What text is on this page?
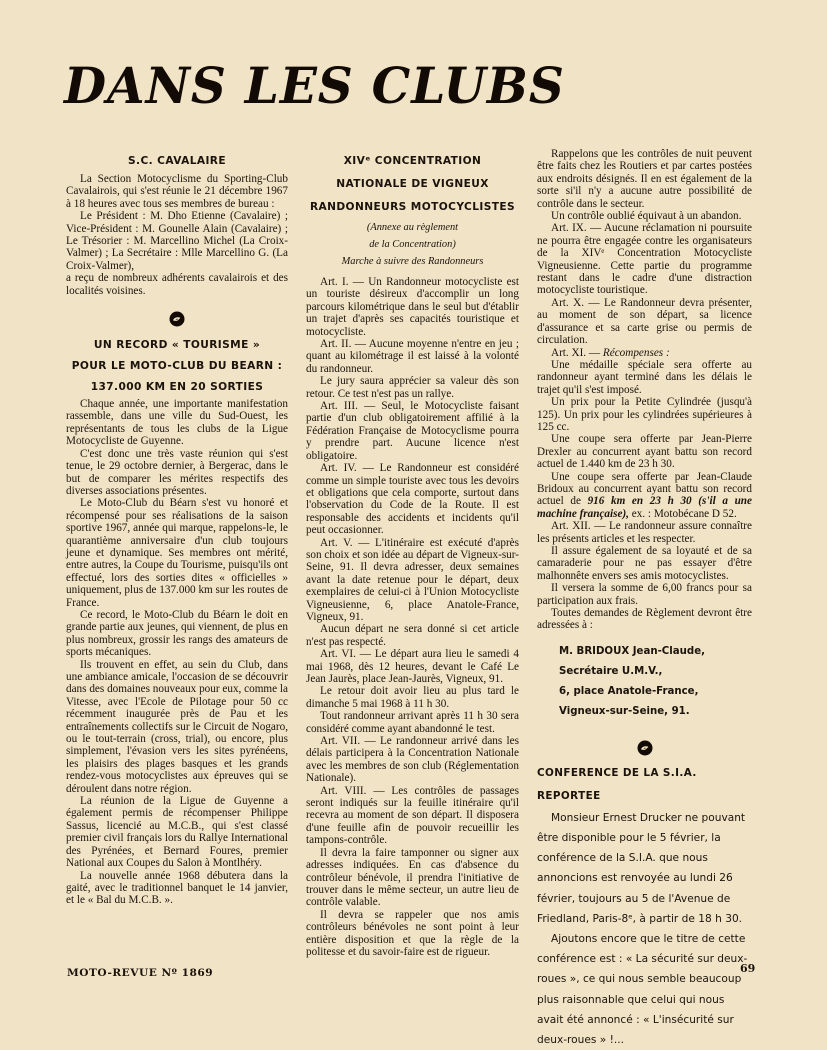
DANS LES CLUBS
S.C. CAVALAIRE

La Section Motocyclisme du Sporting-Club Cavalairois, qui s'est réunie le 21 décembre 1967 à 18 heures avec tous ses membres de bureau :

Le Président : M. Dho Etienne (Cavalaire) ; Vice-Président : M. Gounelle Alain (Cavalaire) ; Le Trésorier : M. Marcellino Michel (La Croix-Valmer) ; La Secrétaire : Mlle Marcellino G. (La Croix-Valmer),

a reçu de nombreux adhérents cavalairois et des localités voisines.

UN RECORD « TOURISME »
POUR LE MOTO-CLUB DU BEARN :
137.000 KM EN 20 SORTIES

Chaque année, une importante manifestation rassemble, dans une ville du Sud-Ouest, les représentants de tous les clubs de la Ligue Motocycliste de Guyenne.

C'est donc une très vaste réunion qui s'est tenue, le 29 octobre dernier, à Bergerac, dans le but de comparer les mérites respectifs des diverses associations présentes.

Le Moto-Club du Béarn s'est vu honoré et récompensé pour ses réalisations de la saison sportive 1967, année qui marque, rappelons-le, le quarantième anniversaire d'un club toujours jeune et dynamique. Ses membres ont mérité, entre autres, la Coupe du Tourisme, puisqu'ils ont effectué, lors des sorties dites « officielles » uniquement, plus de 137.000 km sur les routes de France.

Ce record, le Moto-Club du Béarn le doit en grande partie aux jeunes, qui viennent, de plus en plus nombreux, grossir les rangs des amateurs de sports mécaniques.

Ils trouvent en effet, au sein du Club, dans une ambiance amicale, l'occasion de se découvrir dans des domaines nouveaux pour eux, comme la Vitesse, avec l'Ecole de Pilotage pour 50 cc récemment inaugurée près de Pau et les entraînements collectifs sur le Circuit de Nogaro, ou le tout-terrain (cross, trial), ou encore, plus simplement, l'évasion vers les sites pyrénéens, les plaisirs des plages basques et les grands rendez-vous motocyclistes aux épreuves qui se déroulent dans notre région.

La réunion de la Ligue de Guyenne a également permis de récompenser Philippe Sassus, licencié au M.C.B., qui s'est classé premier civil français lors du Rallye International des Pyrénées, et Bernard Foures, premier National aux Coupes du Salon à Montlhéry.

La nouvelle année 1968 débutera dans la gaité, avec le traditionnel banquet le 14 janvier, et le « Bal du M.C.B. ».

XIVᵉ CONCENTRATION
NATIONALE DE VIGNEUX
RANDONNEURS MOTOCYCLISTES

(Annexe au règlement

de la Concentration)

Marche à suivre des Randonneurs

Art. I. — Un Randonneur motocycliste est un touriste désireux d'accomplir un long parcours kilométrique dans le seul but d'établir un trajet d'après ses capacités touristique et motocycliste.

Art. II. — Aucune moyenne n'entre en jeu ; quant au kilométrage il est laissé à la volonté du randonneur.

Le jury saura apprécier sa valeur dès son retour. Ce test n'est pas un rallye.

Art. III. — Seul, le Motocycliste faisant partie d'un club obligatoirement affilié à la Fédération Française de Motocyclisme pourra y prendre part. Aucune licence n'est obligatoire.

Art. IV. — Le Randonneur est considéré comme un simple touriste avec tous les devoirs et obligations que cela comporte, surtout dans l'observation du Code de la Route. Il est responsable des accidents et incidents qu'il peut occasionner.

Art. V. — L'itinéraire est exécuté d'après son choix et son idée au départ de Vigneux-sur-Seine, 91. Il devra adresser, deux semaines avant la date retenue pour le départ, deux exemplaires de celui-ci à l'Union Motocycliste Vigneusienne, 6, place Anatole-France, Vigneux, 91.

Aucun départ ne sera donné si cet article n'est pas respecté.

Art. VI. — Le départ aura lieu le samedi 4 mai 1968, dès 12 heures, devant le Café Le Jean Jaurès, place Jean-Jaurès, Vigneux, 91.

Le retour doit avoir lieu au plus tard le dimanche 5 mai 1968 à 11 h 30.

Tout randonneur arrivant après 11 h 30 sera considéré comme ayant abandonné le test.

Art. VII. — Le randonneur arrivé dans les délais participera à la Concentration Nationale avec les membres de son club (Réglementation Nationale).

Art. VIII. — Les contrôles de passages seront indiqués sur la feuille itinéraire qu'il recevra au moment de son départ. Il disposera d'une feuille afin de pouvoir recueillir les tampons-contrôle.

Il devra la faire tamponner ou signer aux adresses indiquées. En cas d'absence du contrôleur bénévole, il prendra l'initiative de trouver dans le même secteur, un autre lieu de contrôle valable.

Il devra se rappeler que nos amis contrôleurs bénévoles ne sont point à leur entière disposition et que la règle de la politesse et du savoir-faire est de rigueur.

Rappelons que les contrôles de nuit peuvent être faits chez les Routiers et par cartes postées aux endroits désignés. Il en est également de la sorte si'il n'y a aucune autre possibilité de contrôle dans le secteur.

Un contrôle oublié équivaut à un abandon.

Art. IX. — Aucune réclamation ni poursuite ne pourra être engagée contre les organisateurs de la XIVᵉ Concentration Motocycliste Vigneusienne. Cette partie du programme restant dans le cadre d'une distraction motocycliste touristique.

Art. X. — Le Randonneur devra présenter, au moment de son départ, sa licence d'assurance et sa carte grise ou permis de circulation.

Art. XI. — Récompenses :

Une médaille spéciale sera offerte au randonneur ayant terminé dans les délais le trajet qu'il s'est imposé.

Un prix pour la Petite Cylindrée (jusqu'à 125). Un prix pour les cylindrées supérieures à 125 cc.

Une coupe sera offerte par Jean-Pierre Drexler au concurrent ayant battu son record actuel de 1.440 km de 23 h 30.

Une coupe sera offerte par Jean-Claude Bridoux au concurrent ayant battu son record actuel de 916 km en 23 h 30 (s'il a une machine française), ex. : Motobécane D 52.

Art. XII. — Le randonneur assure connaître les présents articles et les respecter.

Il assure également de sa loyauté et de sa camaraderie pour ne pas essayer d'être malhonnête envers ses amis motocyclistes.

Il versera la somme de 6,00 francs pour sa participation aux frais.

Toutes demandes de Règlement devront être adressées à :

M. BRIDOUX Jean-Claude,
Secrétaire U.M.V.,
6, place Anatole-France,
Vigneux-sur-Seine, 91.
CONFERENCE DE LA S.I.A. REPORTEE

Monsieur Ernest Drucker ne pouvant être disponible pour le 5 février, la conférence de la S.I.A. que nous annoncions est renvoyée au lundi 26 février, toujours au 5 de l'Avenue de Friedland, Paris-8ᵉ, à partir de 18 h 30.

Ajoutons encore que le titre de cette conférence est : « La sécurité sur deux-roues », ce qui nous semble beaucoup plus raisonnable que celui qui nous avait été annoncé : « L'insécurité sur deux-roues » !...

MOTO-REVUE Nº 1869	69
